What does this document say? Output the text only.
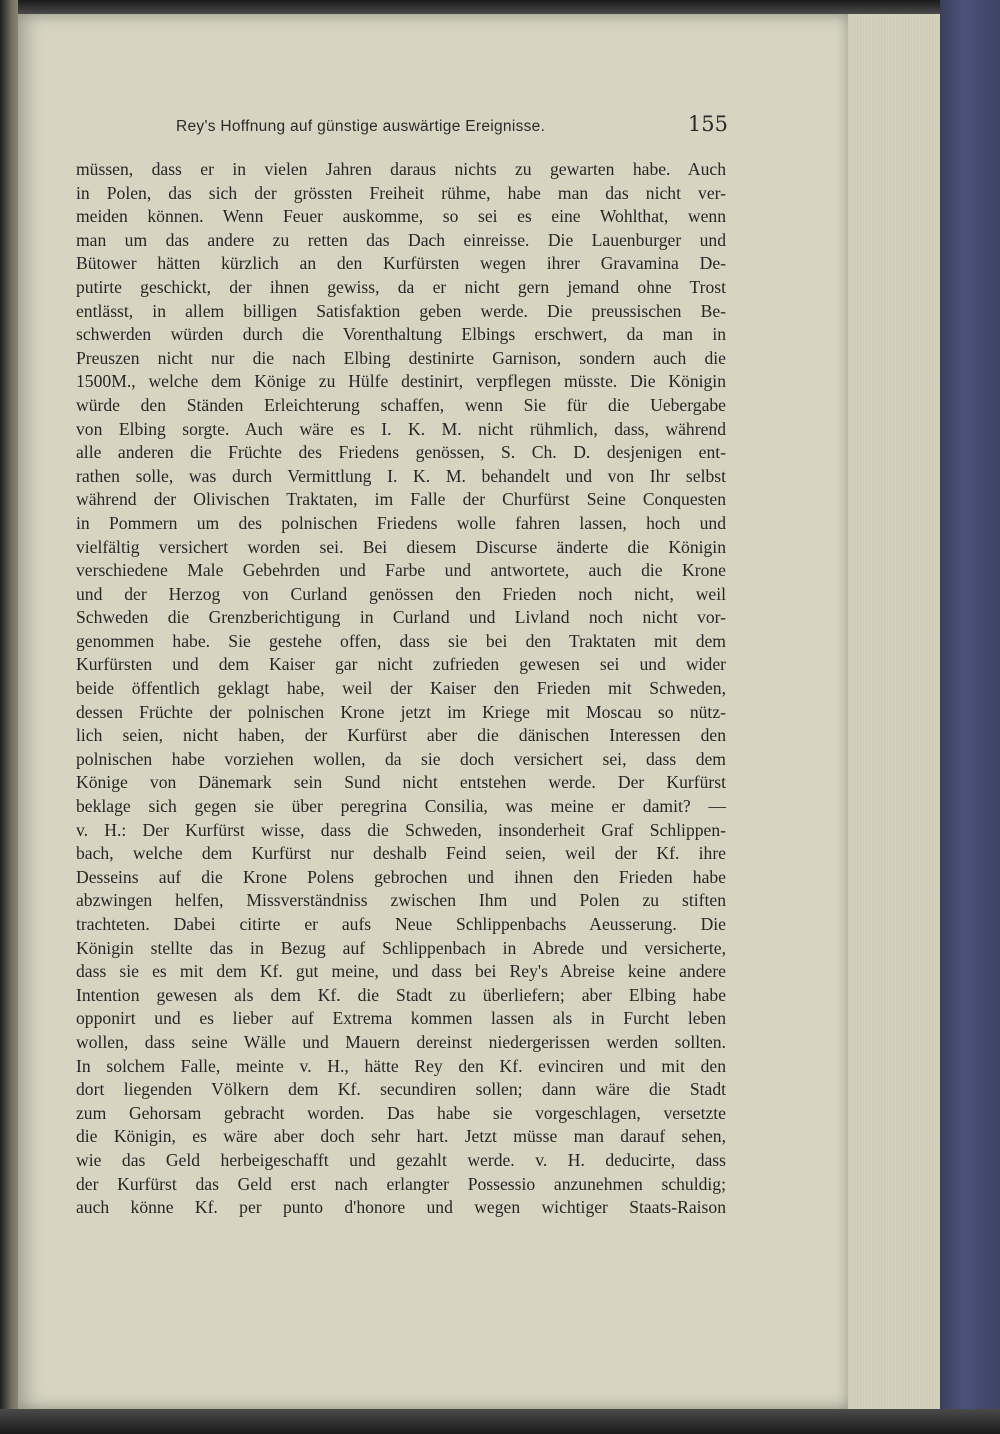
Rey's Hoffnung auf günstige auswärtige Ereignisse.	155
müssen, dass er in vielen Jahren daraus nichts zu gewarten habe. Auch
in Polen, das sich der grössten Freiheit rühme, habe man das nicht ver-
meiden können. Wenn Feuer auskomme, so sei es eine Wohlthat, wenn
man um das andere zu retten das Dach einreisse. Die Lauenburger und
Bütower hätten kürzlich an den Kurfürsten wegen ihrer Gravamina De-
putirte geschickt, der ihnen gewiss, da er nicht gern jemand ohne Trost
entlässt, in allem billigen Satisfaktion geben werde. Die preussischen Be-
schwerden würden durch die Vorenthaltung Elbings erschwert, da man in
Preuszen nicht nur die nach Elbing destinirte Garnison, sondern auch die
1500M., welche dem Könige zu Hülfe destinirt, verpflegen müsste. Die Königin
würde den Ständen Erleichterung schaffen, wenn Sie für die Uebergabe
von Elbing sorgte. Auch wäre es I. K. M. nicht rühmlich, dass, während
alle anderen die Früchte des Friedens genössen, S. Ch. D. desjenigen ent-
rathen solle, was durch Vermittlung I. K. M. behandelt und von Ihr selbst
während der Olivischen Traktaten, im Falle der Churfürst Seine Conquesten
in Pommern um des polnischen Friedens wolle fahren lassen, hoch und
vielfältig versichert worden sei. Bei diesem Discurse änderte die Königin
verschiedene Male Gebehrden und Farbe und antwortete, auch die Krone
und der Herzog von Curland genössen den Frieden noch nicht, weil
Schweden die Grenzberichtigung in Curland und Livland noch nicht vor-
genommen habe. Sie gestehe offen, dass sie bei den Traktaten mit dem
Kurfürsten und dem Kaiser gar nicht zufrieden gewesen sei und wider
beide öffentlich geklagt habe, weil der Kaiser den Frieden mit Schweden,
dessen Früchte der polnischen Krone jetzt im Kriege mit Moscau so nütz-
lich seien, nicht haben, der Kurfürst aber die dänischen Interessen den
polnischen habe vorziehen wollen, da sie doch versichert sei, dass dem
Könige von Dänemark sein Sund nicht entstehen werde. Der Kurfürst
beklage sich gegen sie über peregrina Consilia, was meine er damit? —
v. H.: Der Kurfürst wisse, dass die Schweden, insonderheit Graf Schlippen-
bach, welche dem Kurfürst nur deshalb Feind seien, weil der Kf. ihre
Desseins auf die Krone Polens gebrochen und ihnen den Frieden habe
abzwingen helfen, Missverständniss zwischen Ihm und Polen zu stiften
trachteten. Dabei citirte er aufs Neue Schlippenbachs Aeusserung. Die
Königin stellte das in Bezug auf Schlippenbach in Abrede und versicherte,
dass sie es mit dem Kf. gut meine, und dass bei Rey's Abreise keine andere
Intention gewesen als dem Kf. die Stadt zu überliefern; aber Elbing habe
opponirt und es lieber auf Extrema kommen lassen als in Furcht leben
wollen, dass seine Wälle und Mauern dereinst niedergerissen werden sollten.
In solchem Falle, meinte v. H., hätte Rey den Kf. evinciren und mit den
dort liegenden Völkern dem Kf. secundiren sollen; dann wäre die Stadt
zum Gehorsam gebracht worden. Das habe sie vorgeschlagen, versetzte
die Königin, es wäre aber doch sehr hart. Jetzt müsse man darauf sehen,
wie das Geld herbeigeschafft und gezahlt werde. v. H. deducirte, dass
der Kurfürst das Geld erst nach erlangter Possessio anzunehmen schuldig;
auch könne Kf. per punto d'honore und wegen wichtiger Staats-Raison
